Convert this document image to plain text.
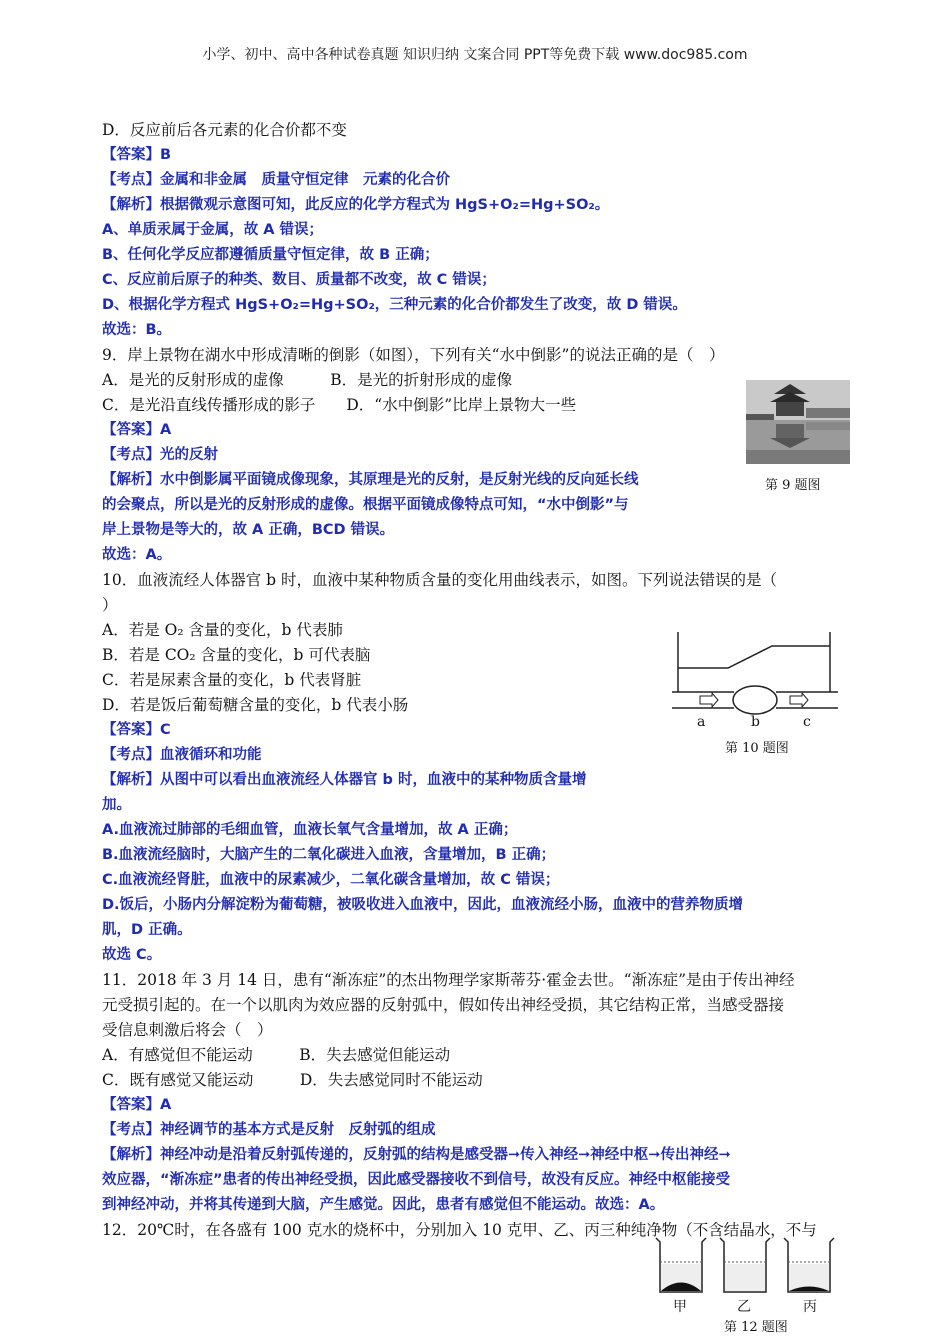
小学、初中、高中各种试卷真题 知识归纳 文案合同 PPT等免费下载 www.doc985.com
D．反应前后各元素的化合价都不变
【答案】B
【考点】金属和非金属　质量守恒定律　元素的化合价
【解析】根据微观示意图可知，此反应的化学方程式为 HgS+O₂=Hg+SO₂。
A、单质汞属于金属，故 A 错误；
B、任何化学反应都遵循质量守恒定律，故 B 正确；
C、反应前后原子的种类、数目、质量都不改变，故 C 错误；
D、根据化学方程式 HgS+O₂=Hg+SO₂，三种元素的化合价都发生了改变，故 D 错误。
故选：B。
9．岸上景物在湖水中形成清晰的倒影（如图），下列有关“水中倒影”的说法正确的是（　）
A．是光的反射形成的虚像　　　B．是光的折射形成的虚像
C．是光沿直线传播形成的影子　　D．“水中倒影”比岸上景物大一些
【答案】A
【考点】光的反射
【解析】水中倒影属平面镜成像现象，其原理是光的反射，是反射光线的反向延长线
的会聚点，所以是光的反射形成的虚像。根据平面镜成像特点可知，“水中倒影”与
岸上景物是等大的，故 A 正确，BCD 错误。
故选：A。
第 9 题图
10．血液流经人体器官 b 时，血液中某种物质含量的变化用曲线表示，如图。下列说法错误的是（
）
A．若是 O₂ 含量的变化，b 代表肺
B．若是 CO₂ 含量的变化，b 可代表脑
C．若是尿素含量的变化，b 代表肾脏
D．若是饭后葡萄糖含量的变化，b 代表小肠
【答案】C
【考点】血液循环和功能
【解析】从图中可以看出血液流经人体器官 b 时，血液中的某种物质含量增
加。
A.血液流过肺部的毛细血管，血液长氧气含量增加，故 A 正确；
B.血液流经脑时，大脑产生的二氧化碳进入血液，含量增加，B 正确；
C.血液流经肾脏，血液中的尿素减少，二氧化碳含量增加，故 C 错误；
D.饭后，小肠内分解淀粉为葡萄糖，被吸收进入血液中，因此，血液流经小肠，血液中的营养物质增
肌，D 正确。
故选 C。
a	b	c
第 10 题图
11．2018 年 3 月 14 日，患有“渐冻症”的杰出物理学家斯蒂芬·霍金去世。“渐冻症”是由于传出神经
元受损引起的。在一个以肌肉为效应器的反射弧中，假如传出神经受损，其它结构正常，当感受器接
受信息刺激后将会（　）
A．有感觉但不能运动　　　B．失去感觉但能运动
C．既有感觉又能运动　　　D．失去感觉同时不能运动
【答案】A
【考点】神经调节的基本方式是反射　反射弧的组成
【解析】神经冲动是沿着反射弧传递的，反射弧的结构是感受器➞传入神经➞神经中枢➞传出神经➞
效应器，“渐冻症”患者的传出神经受损，因此感受器接收不到信号，故没有反应。神经中枢能接受
到神经冲动，并将其传递到大脑，产生感觉。因此，患者有感觉但不能运动。故选：A。
12．20℃时，在各盛有 100 克水的烧杯中，分别加入 10 克甲、乙、丙三种纯净物（不含结晶水，不与
甲	乙	丙
第 12 题图
